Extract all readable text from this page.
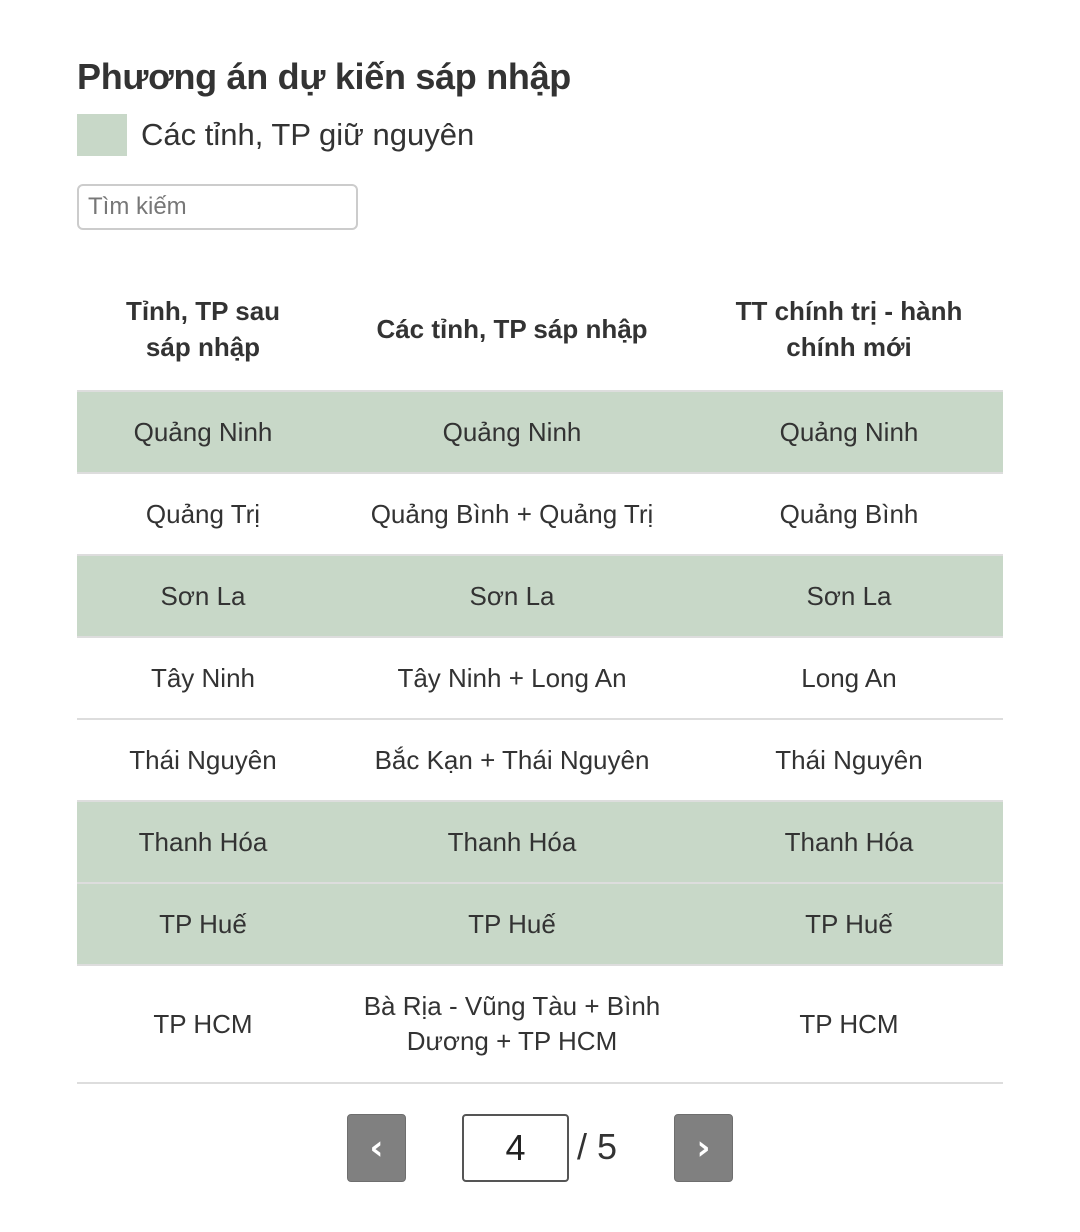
Phương án dự kiến sáp nhập
Các tỉnh, TP giữ nguyên
Tìm kiếm
Tỉnh, TP sau sáp nhập	Các tỉnh, TP sáp nhập	TT chính trị - hành chính mới
Quảng Ninh	Quảng Ninh	Quảng Ninh
Quảng Trị	Quảng Bình + Quảng Trị	Quảng Bình
Sơn La	Sơn La	Sơn La
Tây Ninh	Tây Ninh + Long An	Long An
Thái Nguyên	Bắc Kạn + Thái Nguyên	Thái Nguyên
Thanh Hóa	Thanh Hóa	Thanh Hóa
TP Huế	TP Huế	TP Huế
TP HCM	Bà Rịa - Vũng Tàu + Bình Dương + TP HCM	TP HCM
‹
4	/ 5	›
